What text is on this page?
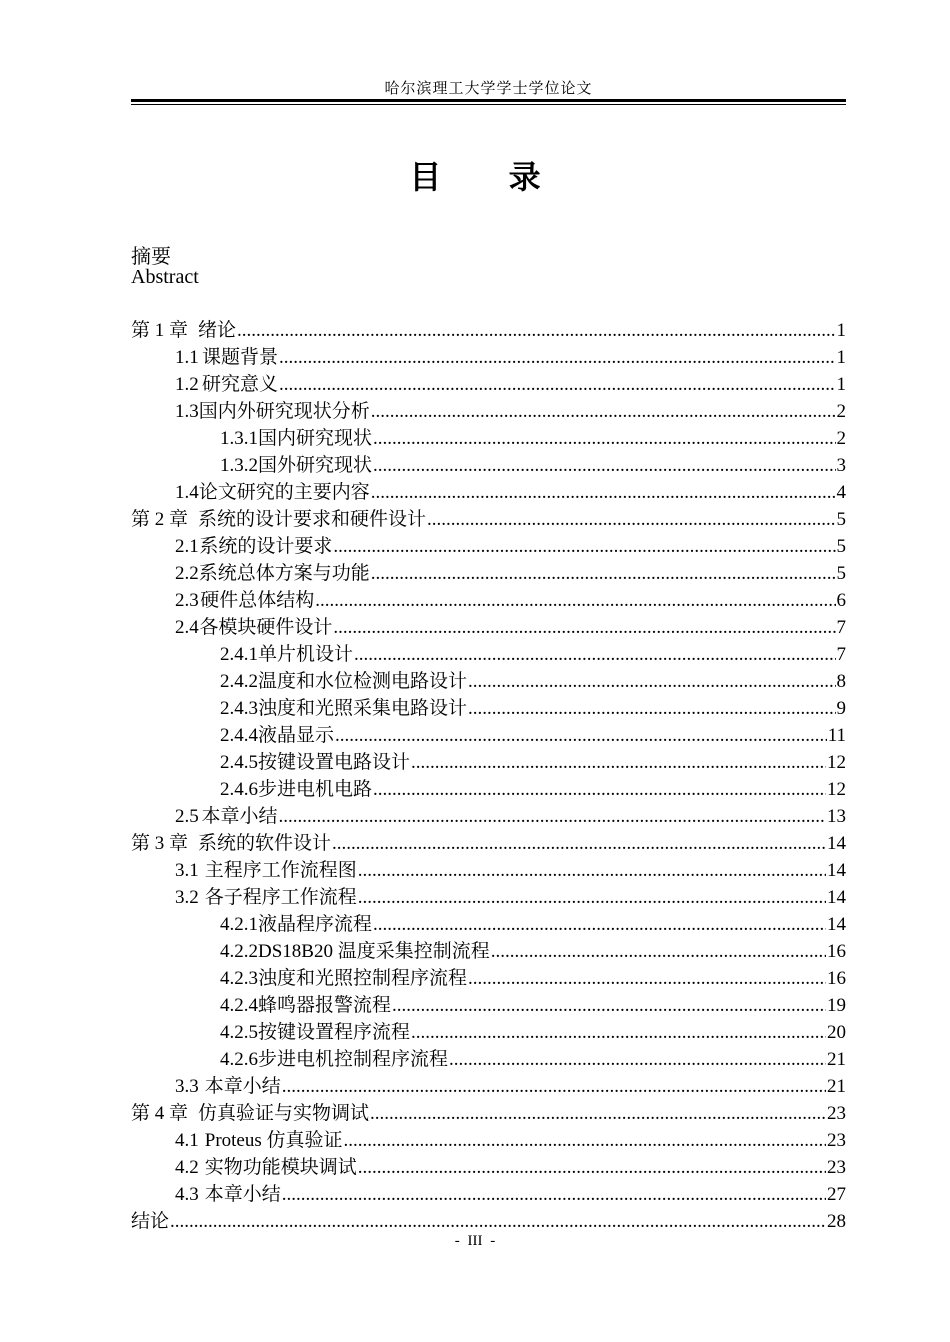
哈尔滨理工大学学士学位论文
目 录
摘要
Abstract
第 1 章 绪论 .....	1
1.1 课题背景 .....	1
1.2 研究意义 .....	1
1.3 国内外研究现状分析 .....	2
1.3.1 国内研究现状 .....	2
1.3.2 国外研究现状 .....	3
1.4 论文研究的主要内容 .....	4
第 2 章 系统的设计要求和硬件设计 .....	5
2.1 系统的设计要求 .....	5
2.2 系统总体方案与功能 .....	5
2.3 硬件总体结构 .....	6
2.4 各模块硬件设计 .....	7
2.4.1 单片机设计 .....	7
2.4.2 温度和水位检测电路设计 .....	8
2.4.3 浊度和光照采集电路设计 .....	9
2.4.4 液晶显示 .....	11
2.4.5 按键设置电路设计 .....	12
2.4.6 步进电机电路 .....	12
2.5 本章小结 .....	13
第 3 章 系统的软件设计 .....	14
3.1 主程序工作流程图 .....	14
3.2 各子程序工作流程 .....	14
4.2.1 液晶程序流程 .....	14
4.2.2 DS18B20 温度采集控制流程 .....	16
4.2.3 浊度和光照控制程序流程 .....	16
4.2.4 蜂鸣器报警流程 .....	19
4.2.5 按键设置程序流程 .....	20
4.2.6 步进电机控制程序流程 .....	21
3.3 本章小结 .....	21
第 4 章 仿真验证与实物调试 .....	23
4.1 Proteus 仿真验证 .....	23
4.2 实物功能模块调试 .....	23
4.3 本章小结 .....	27
结论 .....	28
- III -
